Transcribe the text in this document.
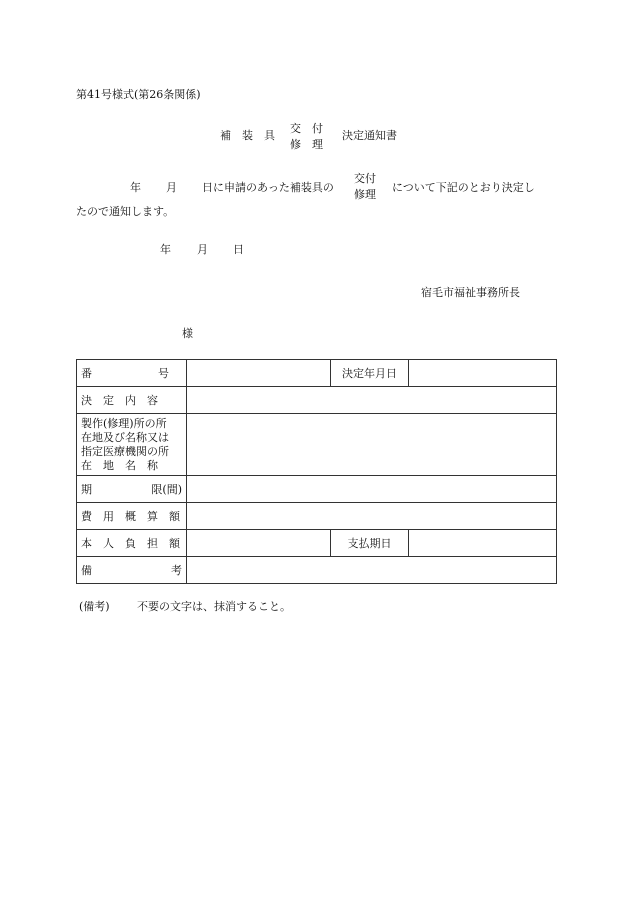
第41号様式(第26条関係)
補　装　具
交　付
修　理
決定通知書
年 月 日に申請のあった補装具の
交付
修理
について下記のとおり決定し
たので通知します。
年 月 日
宿毛市福祉事務所長
様
番　　　　　　号		決定年月日	
決　定　内　容			

製作(修理)所の所
在地及び名称又は
指定医療機関の所
在　地　名　称			

期 限(間)			

費　用　概　算　額			
本　人　負　担　額		支払期日	

備 考			

(備考) 不要の文字は、抹消すること。
